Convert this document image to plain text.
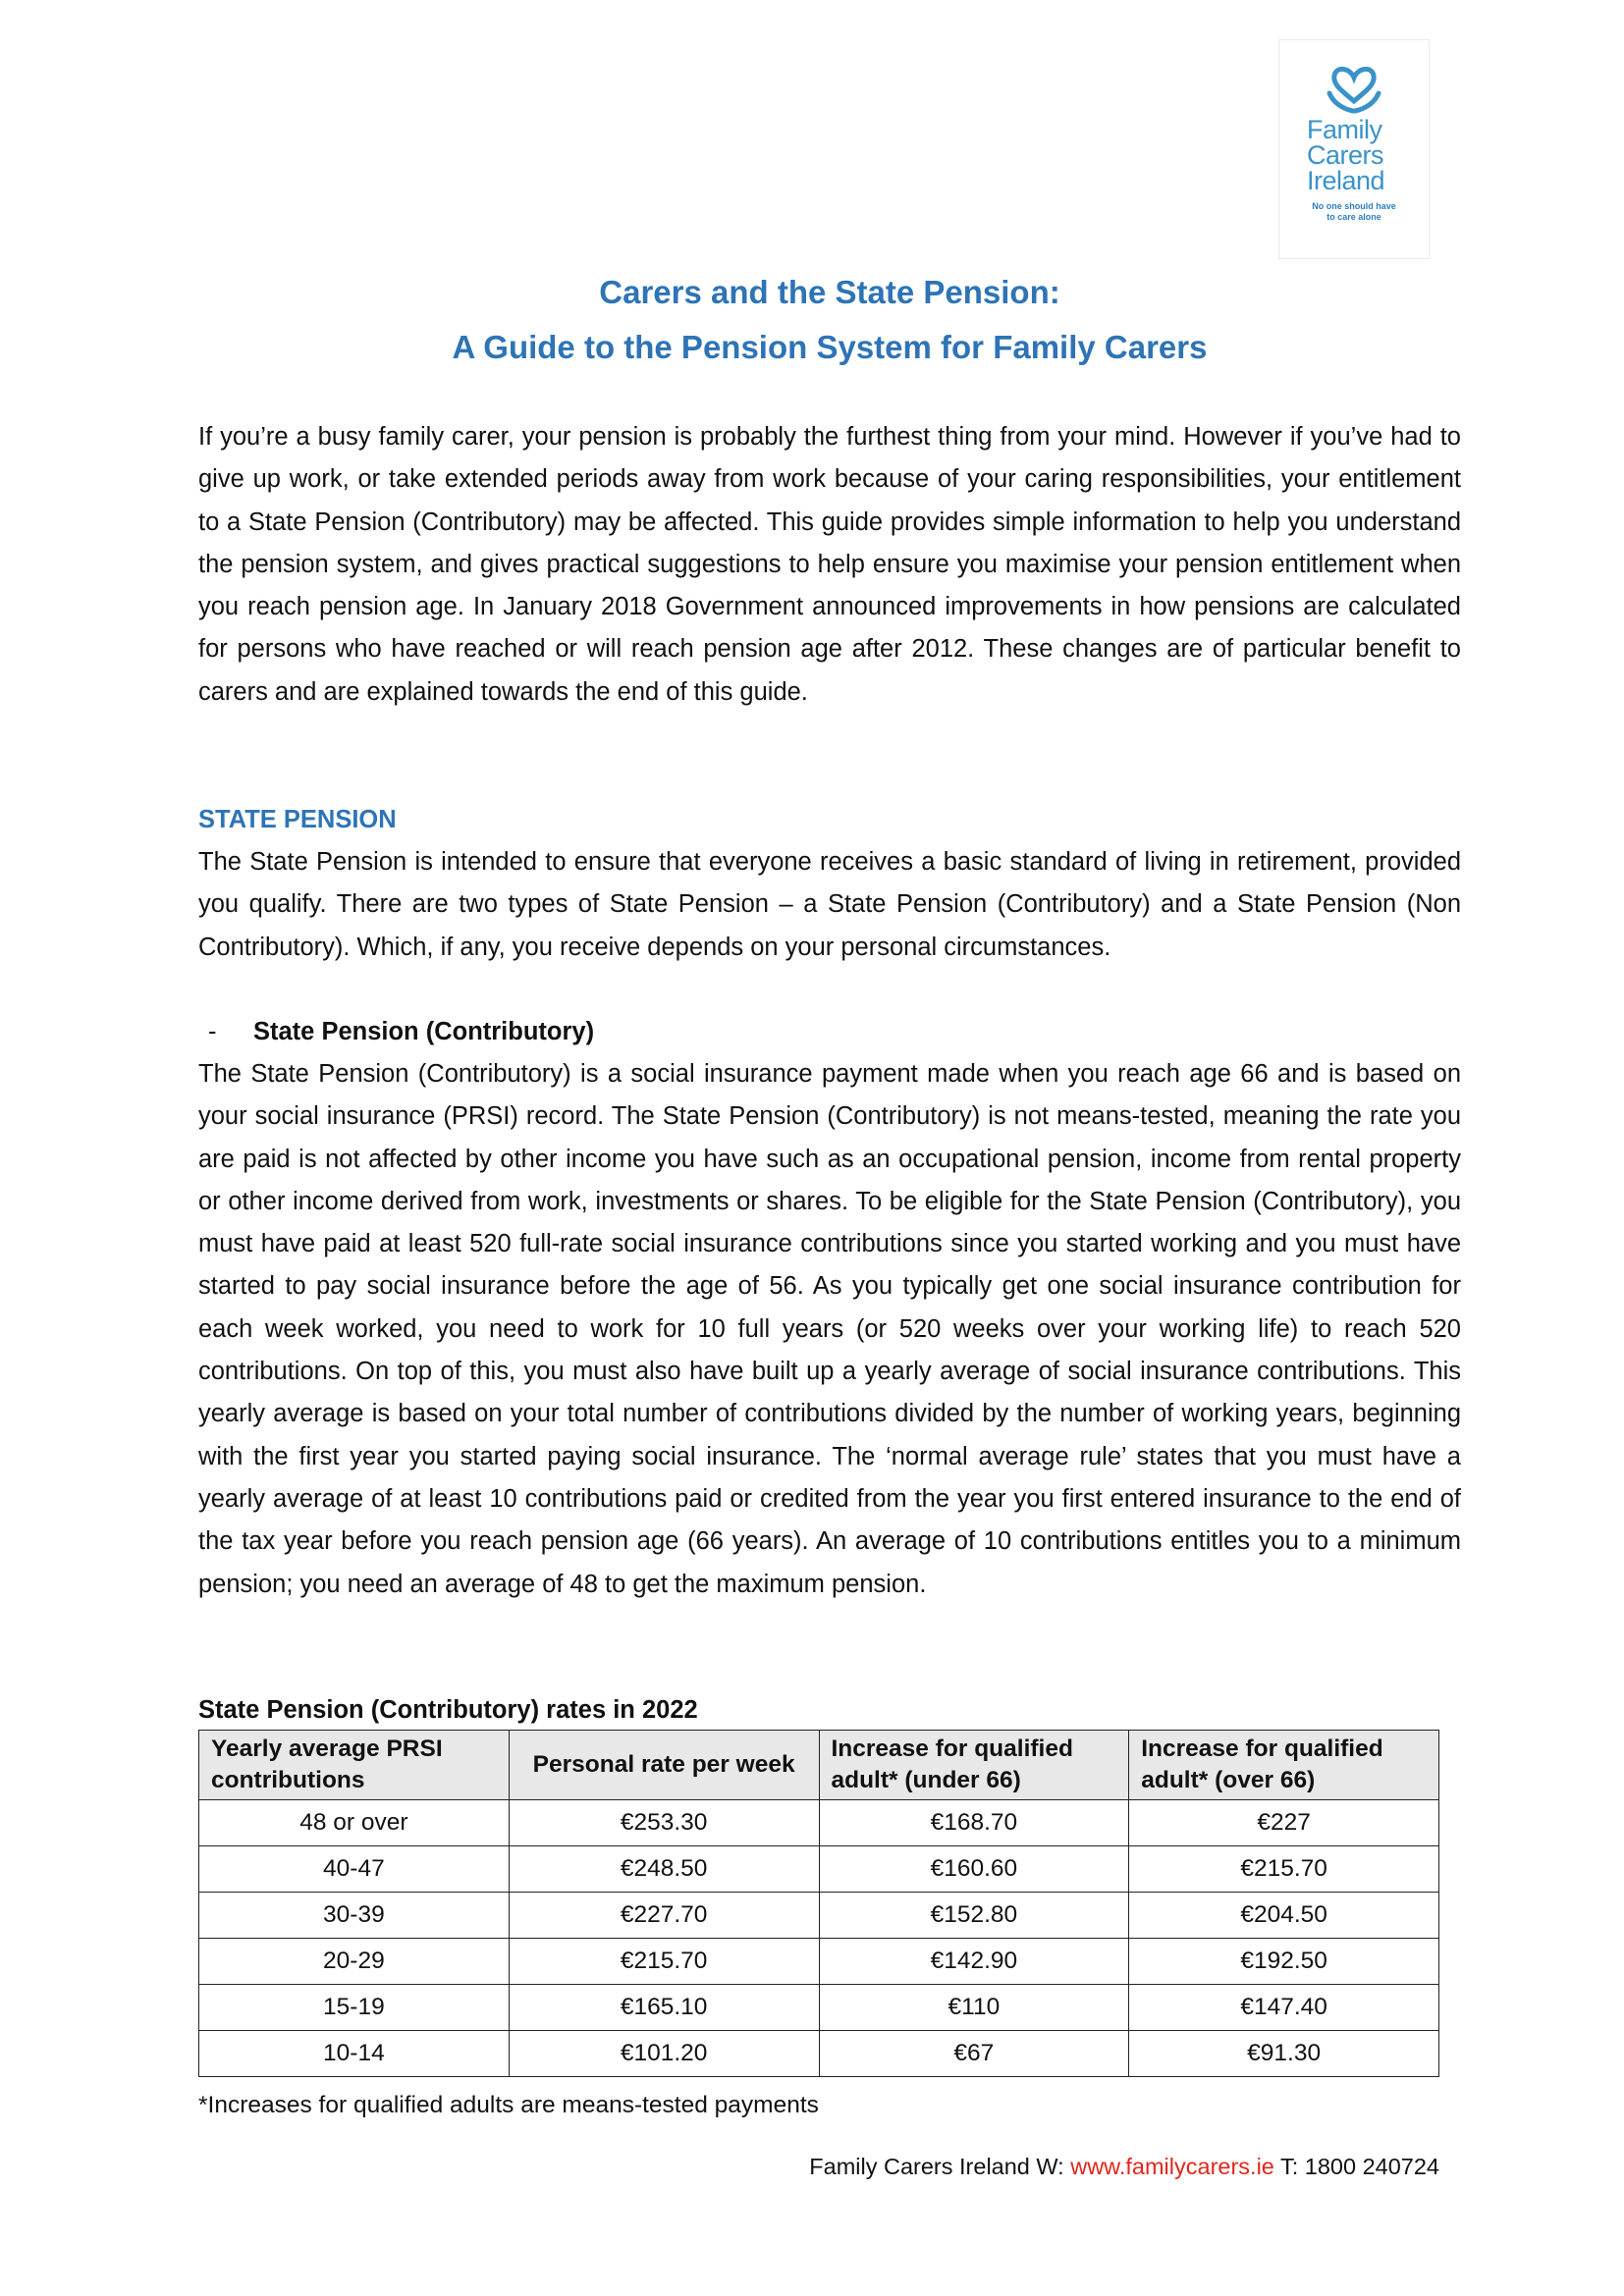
Family
Carers
Ireland
No one should have
to care alone
Carers and the State Pension:
A Guide to the Pension System for Family Carers

If you’re a busy family carer, your pension is probably the furthest thing from your mind. However if you’ve had to give up work, or take extended periods away from work because of your caring responsibilities, your entitlement to a State Pension (Contributory) may be affected. This guide provides simple information to help you understand the pension system, and gives practical suggestions to help ensure you maximise your pension entitlement when you reach pension age. In January 2018 Government announced improvements in how pensions are calculated for persons who have reached or will reach pension age after 2012. These changes are of particular benefit to carers and are explained towards the end of this guide.

STATE PENSION

The State Pension is intended to ensure that everyone receives a basic standard of living in retirement, provided you qualify. There are two types of State Pension – a State Pension (Contributory) and a State Pension (Non Contributory). Which, if any, you receive depends on your personal circumstances.

- State Pension (Contributory)

The State Pension (Contributory) is a social insurance payment made when you reach age 66 and is based on your social insurance (PRSI) record. The State Pension (Contributory) is not means-tested, meaning the rate you are paid is not affected by other income you have such as an occupational pension, income from rental property or other income derived from work, investments or shares. To be eligible for the State Pension (Contributory), you must have paid at least 520 full-rate social insurance contributions since you started working and you must have started to pay social insurance before the age of 56. As you typically get one social insurance contribution for each week worked, you need to work for 10 full years (or 520 weeks over your working life) to reach 520 contributions. On top of this, you must also have built up a yearly average of social insurance contributions. This yearly average is based on your total number of contributions divided by the number of working years, beginning with the first year you started paying social insurance. The ‘normal average rule’ states that you must have a yearly average of at least 10 contributions paid or credited from the year you first entered insurance to the end of the tax year before you reach pension age (66 years). An average of 10 contributions entitles you to a minimum pension; you need an average of 48 to get the maximum pension.

State Pension (Contributory) rates in 2022

Yearly average PRSI contributions	Personal rate per week	Increase for qualified adult* (under 66)	Increase for qualified adult* (over 66)
48 or over	€253.30	€168.70	€227
40-47	€248.50	€160.60	€215.70
30-39	€227.70	€152.80	€204.50
20-29	€215.70	€142.90	€192.50
15-19	€165.10	€110	€147.40
10-14	€101.20	€67	€91.30

*Increases for qualified adults are means-tested payments

Family Carers Ireland W: www.familycarers.ie T: 1800 240724
